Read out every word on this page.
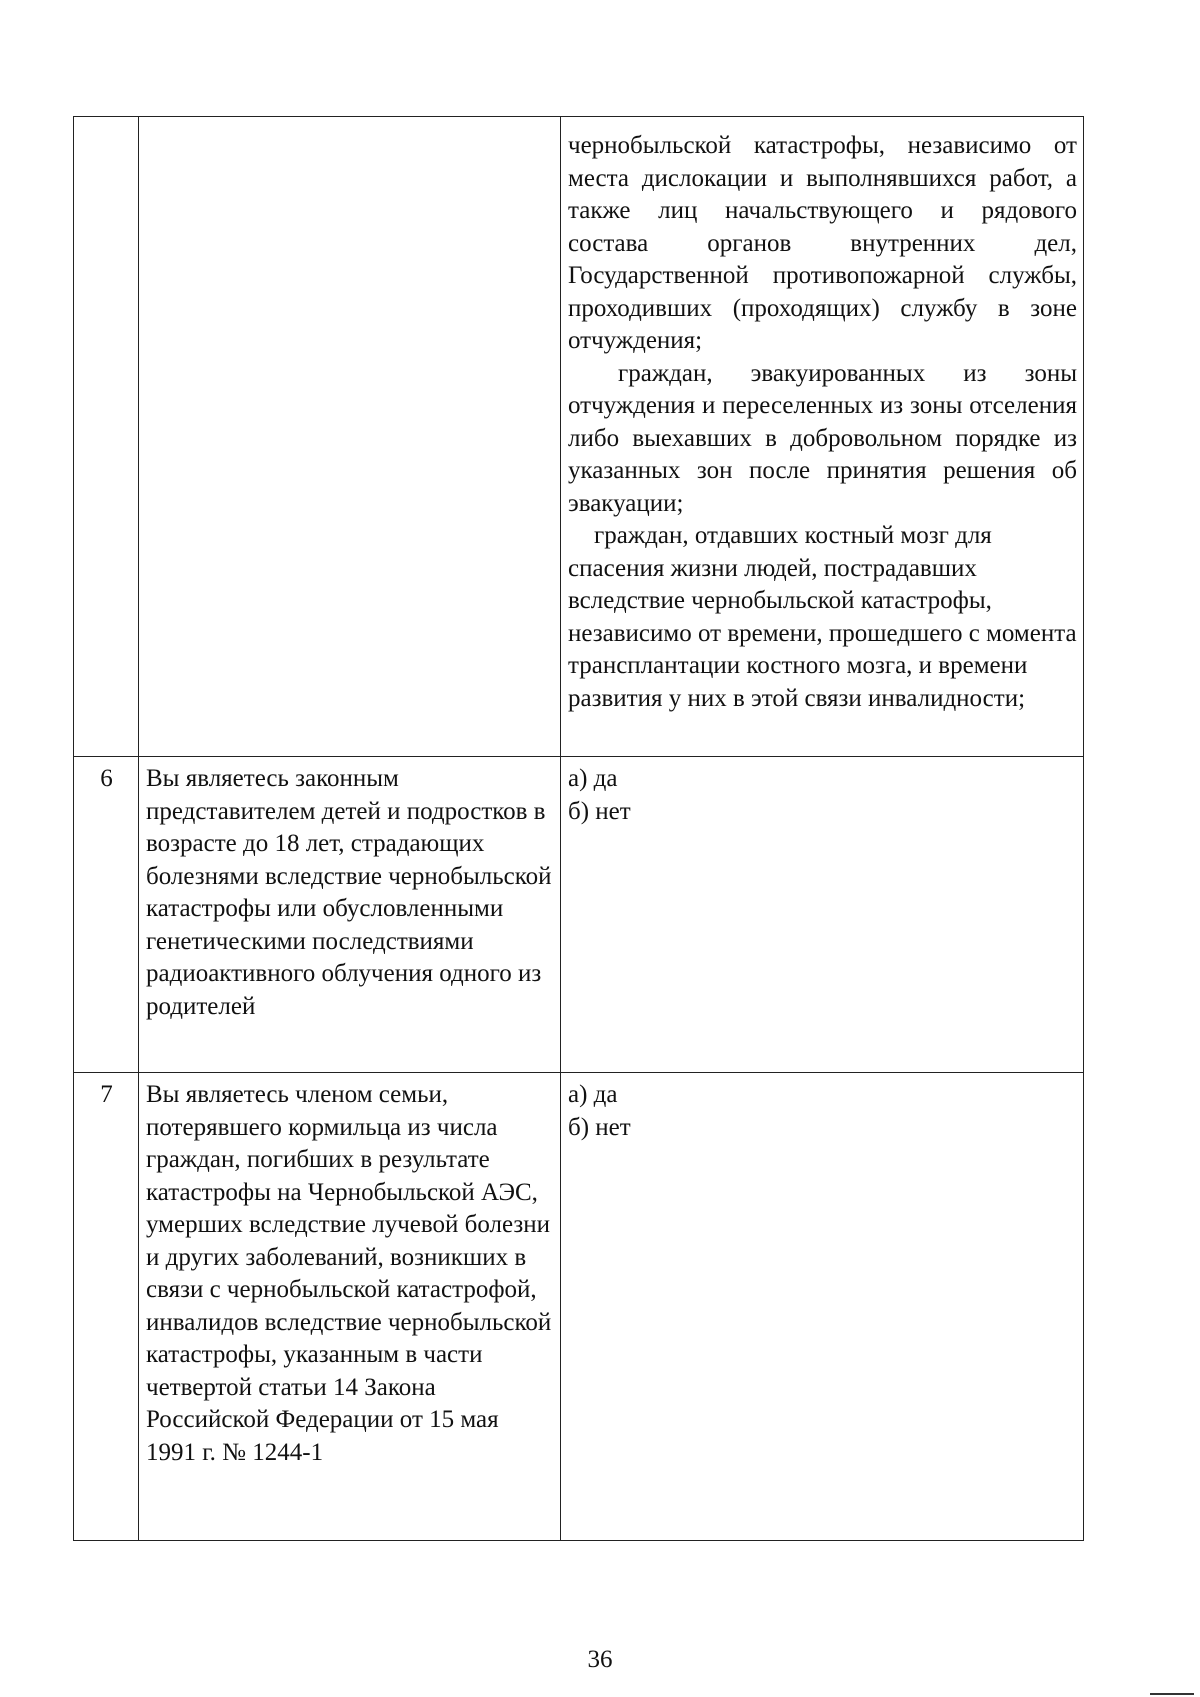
		чернобыльской катастрофы, независимо от места дислокации и выполнявшихся работ, а также лиц начальствующего и рядового состава органов внутренних дел, Государственной противопожарной службы, проходивших (проходящих) службу в зоне отчуждения;

граждан, эвакуированных из зоны отчуждения и переселенных из зоны отселения либо выехавших в добровольном порядке из указанных зон после принятия решения об эвакуации;

граждан, отдавших костный мозг для спасения жизни людей, пострадавших вследствие чернобыльской катастрофы, независимо от времени, прошедшего с момента трансплантации костного мозга, и времени развития у них в этой связи инвалидности;

6	Вы являетесь законным представителем детей и подростков в возрасте до 18 лет, страдающих болезнями вследствие чернобыльской катастрофы или обусловленными генетическими последствиями радиоактивного облучения одного из родителей	а) да
б) нет

7	Вы являетесь членом семьи, потерявшего кормильца из числа граждан, погибших в результате катастрофы на Чернобыльской АЭС, умерших вследствие лучевой болезни и других заболеваний, возникших в связи с чернобыльской катастрофой, инвалидов вследствие чернобыльской катастрофы, указанным в части четвертой статьи 14 Закона Российской Федерации от 15 мая 1991 г. № 1244-1	а) да
б) нет
36
